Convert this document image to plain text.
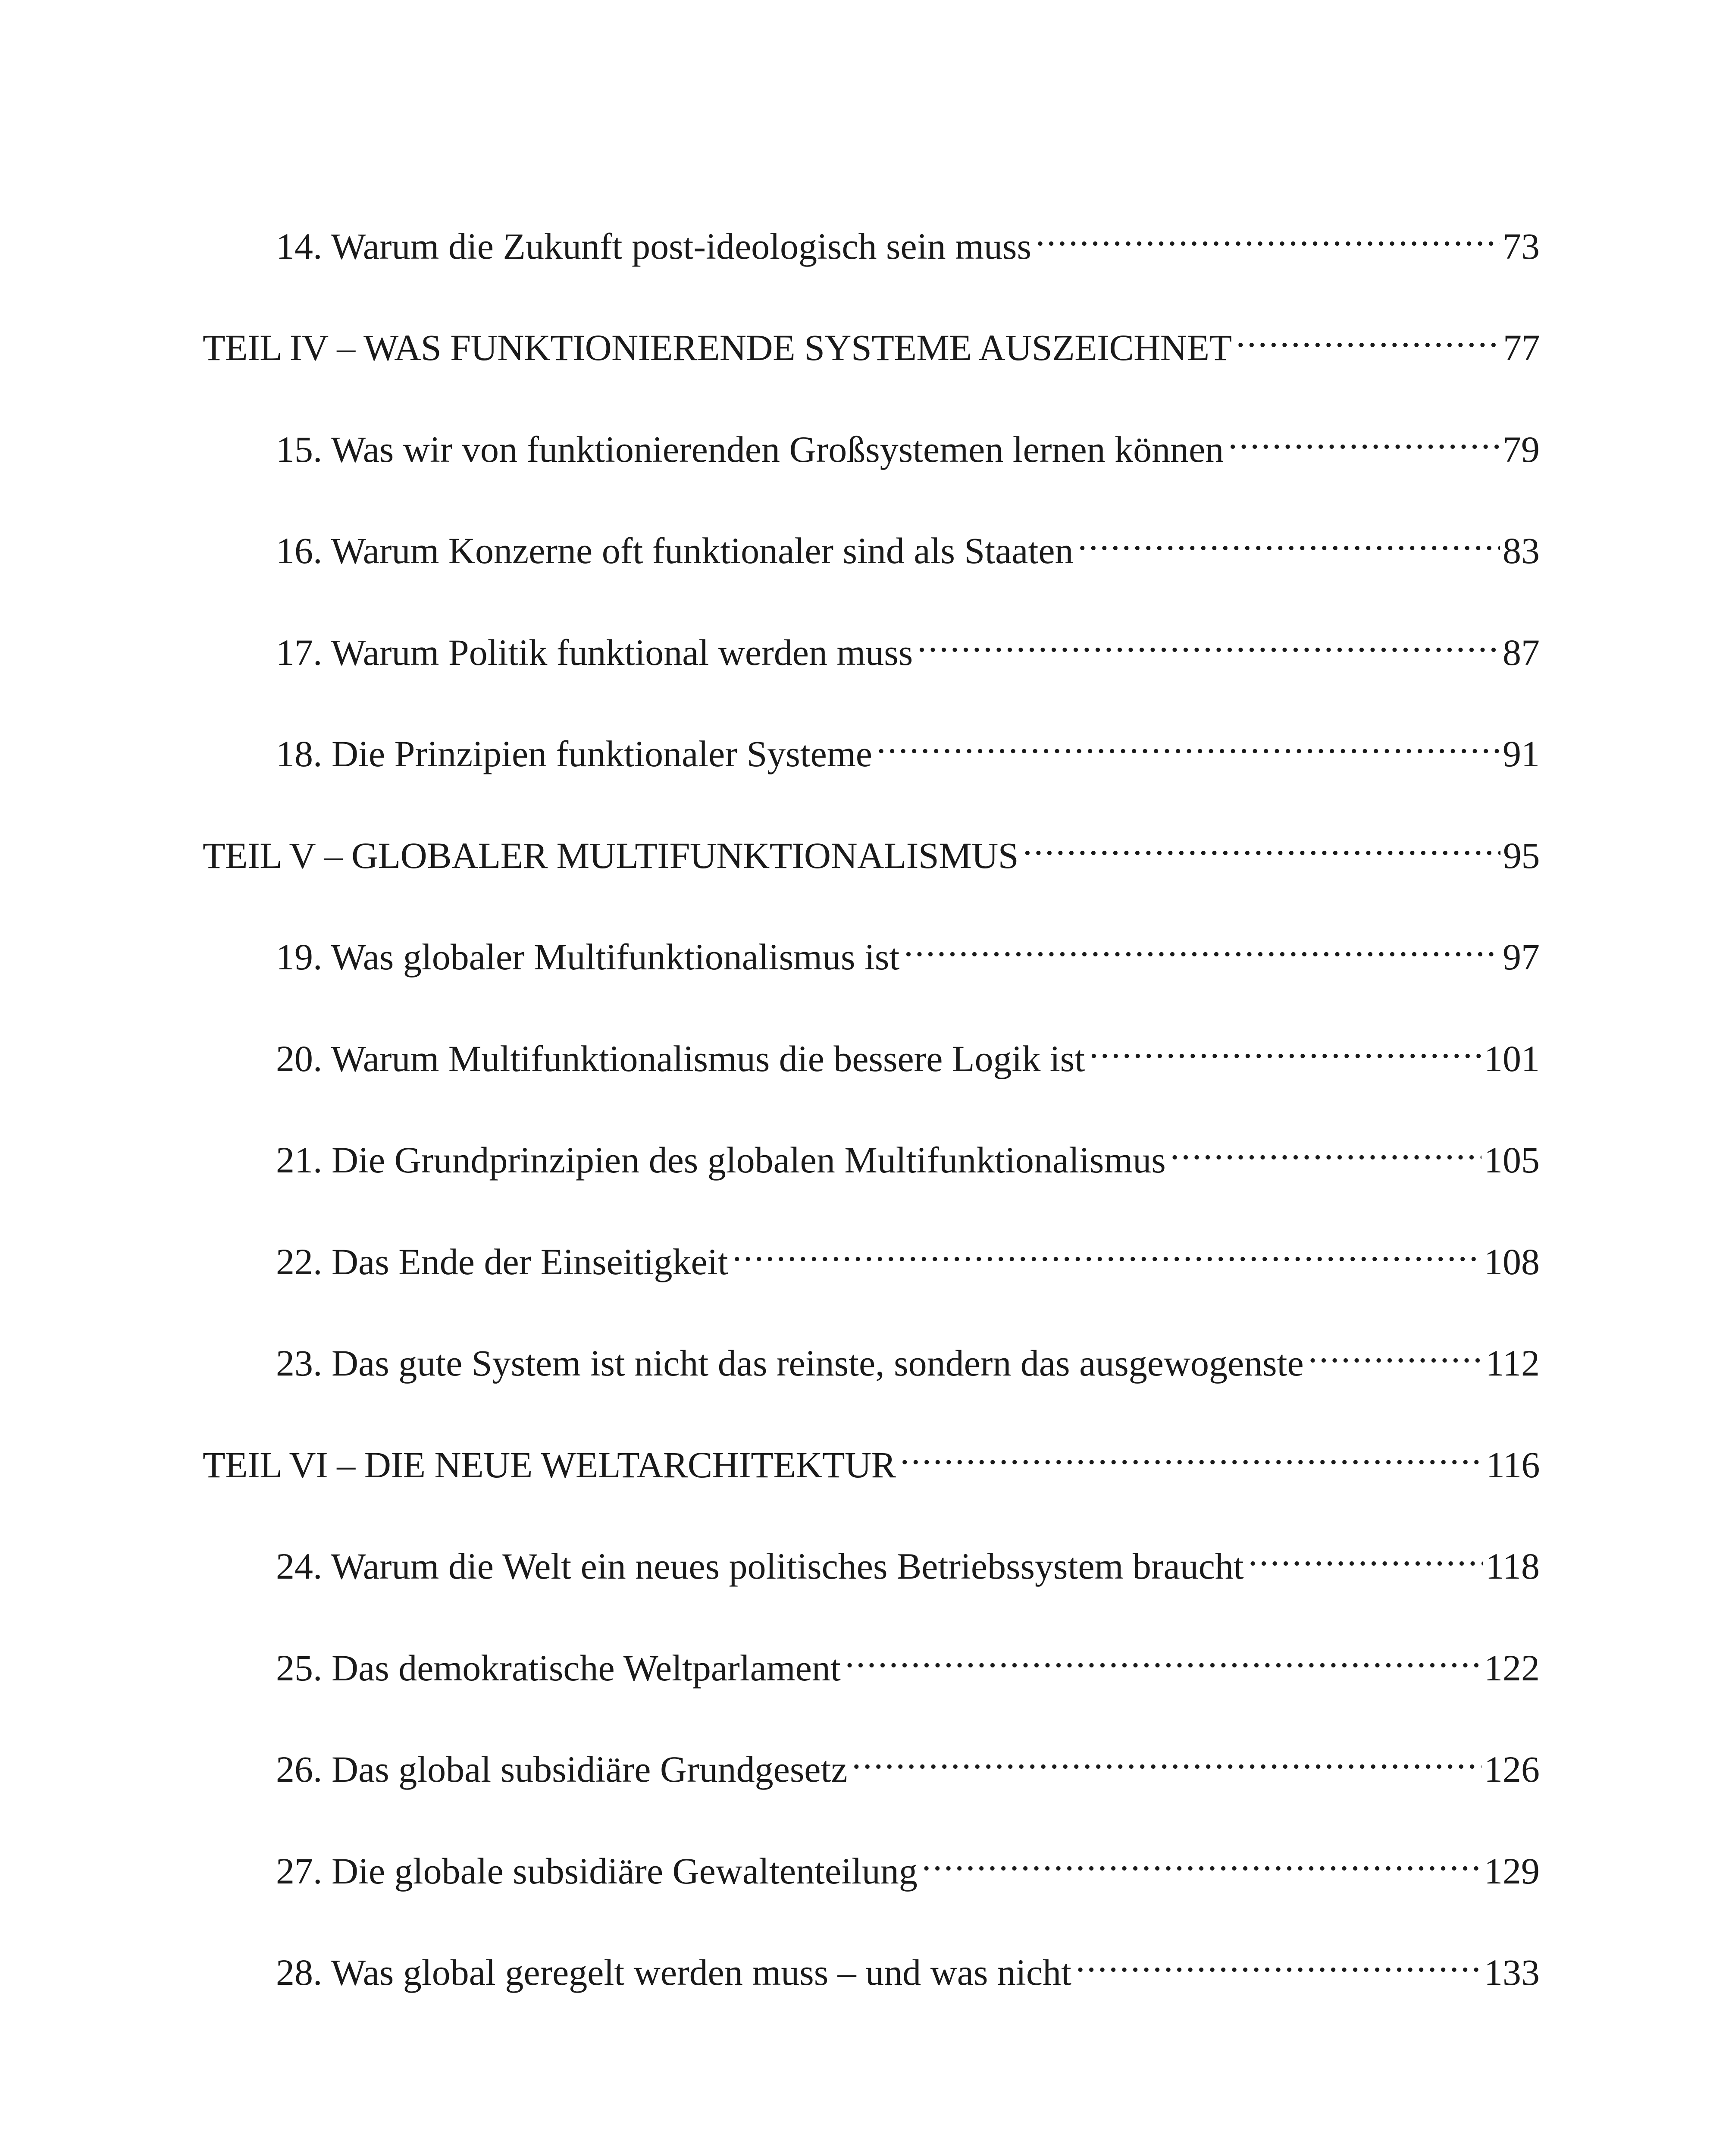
14. Warum die Zukunft post-ideologisch sein muss .....	73
TEIL IV – WAS FUNKTIONIERENDE SYSTEME AUSZEICHNET .....	77
15. Was wir von funktionierenden Großsystemen lernen können .....	79
16. Warum Konzerne oft funktionaler sind als Staaten .....	83
17. Warum Politik funktional werden muss .....	87
18. Die Prinzipien funktionaler Systeme .....	91
TEIL V – GLOBALER MULTIFUNKTIONALISMUS .....	95
19. Was globaler Multifunktionalismus ist .....	97
20. Warum Multifunktionalismus die bessere Logik ist .....	101
21. Die Grundprinzipien des globalen Multifunktionalismus .....	105
22. Das Ende der Einseitigkeit .....	108
23. Das gute System ist nicht das reinste, sondern das ausgewogenste .....	112
TEIL VI – DIE NEUE WELTARCHITEKTUR .....	116
24. Warum die Welt ein neues politisches Betriebssystem braucht .....	118
25. Das demokratische Weltparlament .....	122
26. Das global subsidiäre Grundgesetz .....	126
27. Die globale subsidiäre Gewaltenteilung .....	129
28. Was global geregelt werden muss – und was nicht .....	133
